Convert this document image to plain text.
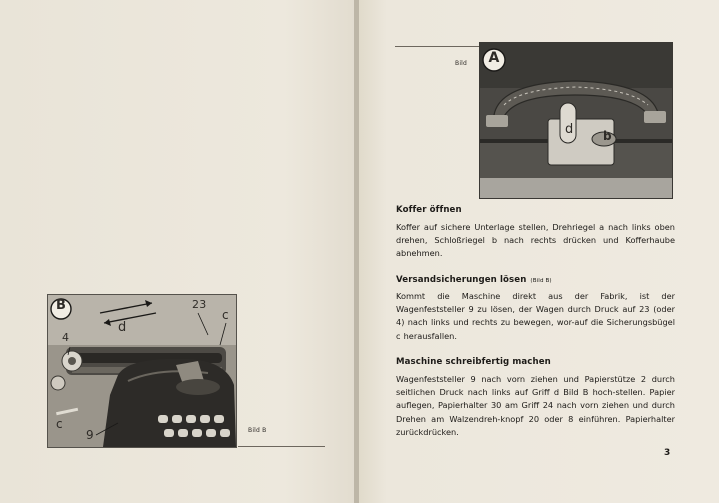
B	23
c
d
4
c
9	Bild B
Bild	A
d b
Koffer öffnen

Koffer auf sichere Unterlage stellen, Drehriegel a nach links oben drehen, Schloßriegel b nach rechts drücken und Kofferhaube abnehmen.

Versandsicherungen lösen (Bild B)

Kommt die Maschine direkt aus der Fabrik, ist der Wagenfeststeller 9 zu lösen, der Wagen durch Druck auf 23 (oder 4) nach links und rechts zu bewegen, wor-auf die Sicherungsbügel c herausfallen.

Maschine schreibfertig machen

Wagenfeststeller 9 nach vorn ziehen und Papierstütze 2 durch seitlichen Druck nach links auf Griff d Bild B hoch-stellen. Papier auflegen, Papierhalter 30 am Griff 24 nach vorn ziehen und durch Drehen am Walzendreh-knopf 20 oder 8 einführen. Papierhalter zurückdrücken.

3
